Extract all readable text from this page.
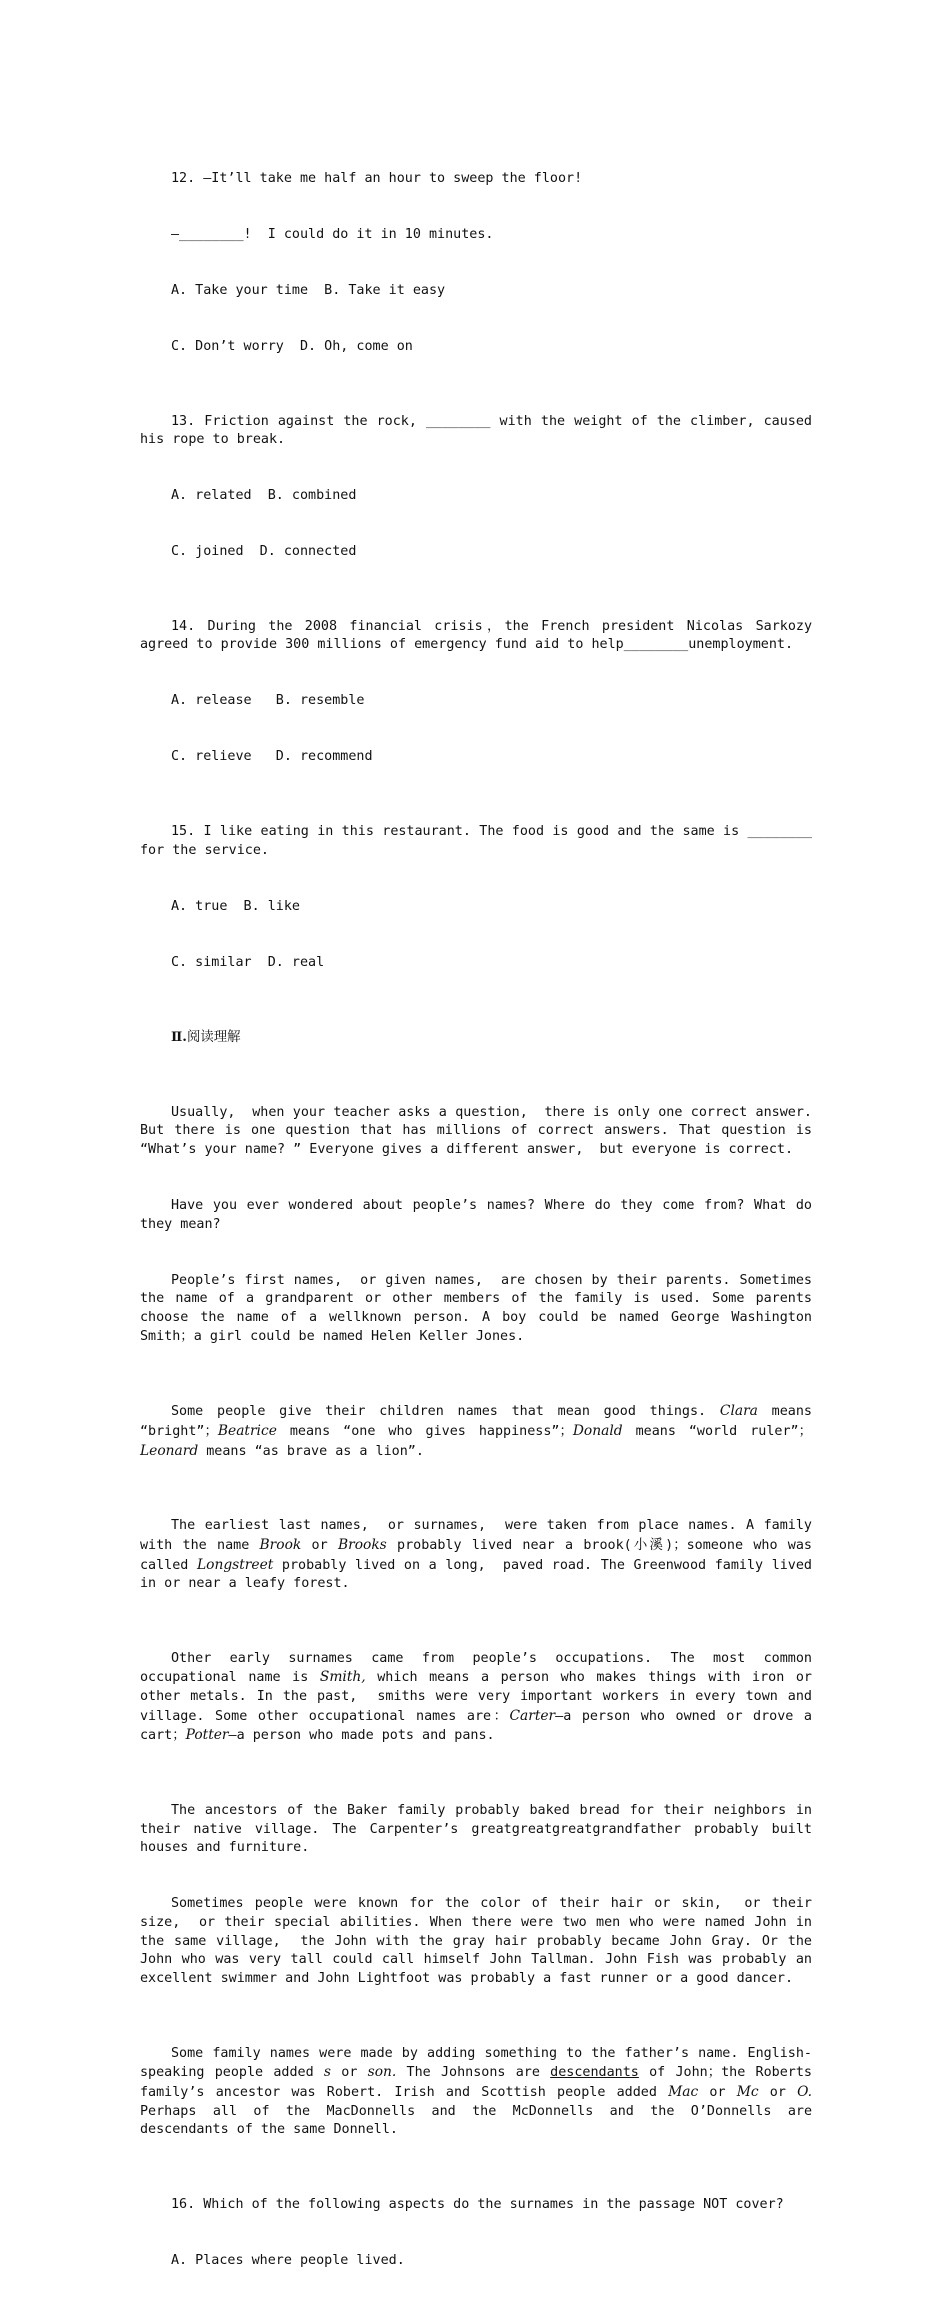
12. —It’ll take me half an hour to sweep the floor!

—________!  I could do it in 10 minutes.

A. Take your time  B. Take it easy

C. Don’t worry  D. Oh, come on

13. Friction against the rock, ________ with the weight of the climber, caused his rope to break.

A. related  B. combined

C. joined  D. connected

14. During the 2008 financial crisis，the French president Nicolas Sarkozy agreed to provide 300 millions of emergency fund aid to help________unemployment.

A. release   B. resemble

C. relieve   D. recommend

15. I like eating in this restaurant. The food is good and the same is ________ for the service.

A. true  B. like

C. similar  D. real

Ⅱ.阅读理解

Usually,  when your teacher asks a question,  there is only one correct answer. But there is one question that has millions of correct answers. That question is “What’s your name? ” Everyone gives a different answer,  but everyone is correct.

Have you ever wondered about people’s names? Where do they come from? What do they mean?

People’s first names,  or given names,  are chosen by their parents. Sometimes the name of a grandparent or other members of the family is used. Some parents choose the name of a wellknown person. A boy could be named George Washington Smith；a girl could be named Helen Keller Jones.

Some people give their children names that mean good things. Clara means “bright”；Beatrice means “one who gives happiness”；Donald means “world ruler”；Leonard means “as brave as a lion”.

The earliest last names,  or surnames,  were taken from place names. A family with the name Brook or Brooks probably lived near a brook(小溪)；someone who was called Longstreet probably lived on a long,  paved road. The Greenwood family lived in or near a leafy forest.

Other early surnames came from people’s occupations. The most common occupational name is Smith, which means a person who makes things with iron or other metals. In the past,  smiths were very important workers in every town and village. Some other occupational names are：Carter—a person who owned or drove a cart；Potter—a person who made pots and pans.

The ancestors of the Baker family probably baked bread for their neighbors in their native village. The Carpenter’s greatgreatgreatgrandfather probably built houses and furniture.

Sometimes people were known for the color of their hair or skin,  or their size,  or their special abilities. When there were two men who were named John in the same village,  the John with the gray hair probably became John Gray. Or the John who was very tall could call himself John Tallman. John Fish was probably an excellent swimmer and John Lightfoot was probably a fast runner or a good dancer.

Some family names were made by adding something to the father’s name. English-speaking people added s or son. The Johnsons are descendants of John；the Roberts family’s ancestor was Robert. Irish and Scottish people added Mac or Mc or O. Perhaps all of the MacDonnells and the McDonnells and the O’Donnells are descendants of the same Donnell.

16. Which of the following aspects do the surnames in the passage NOT cover?

A. Places where people lived.
